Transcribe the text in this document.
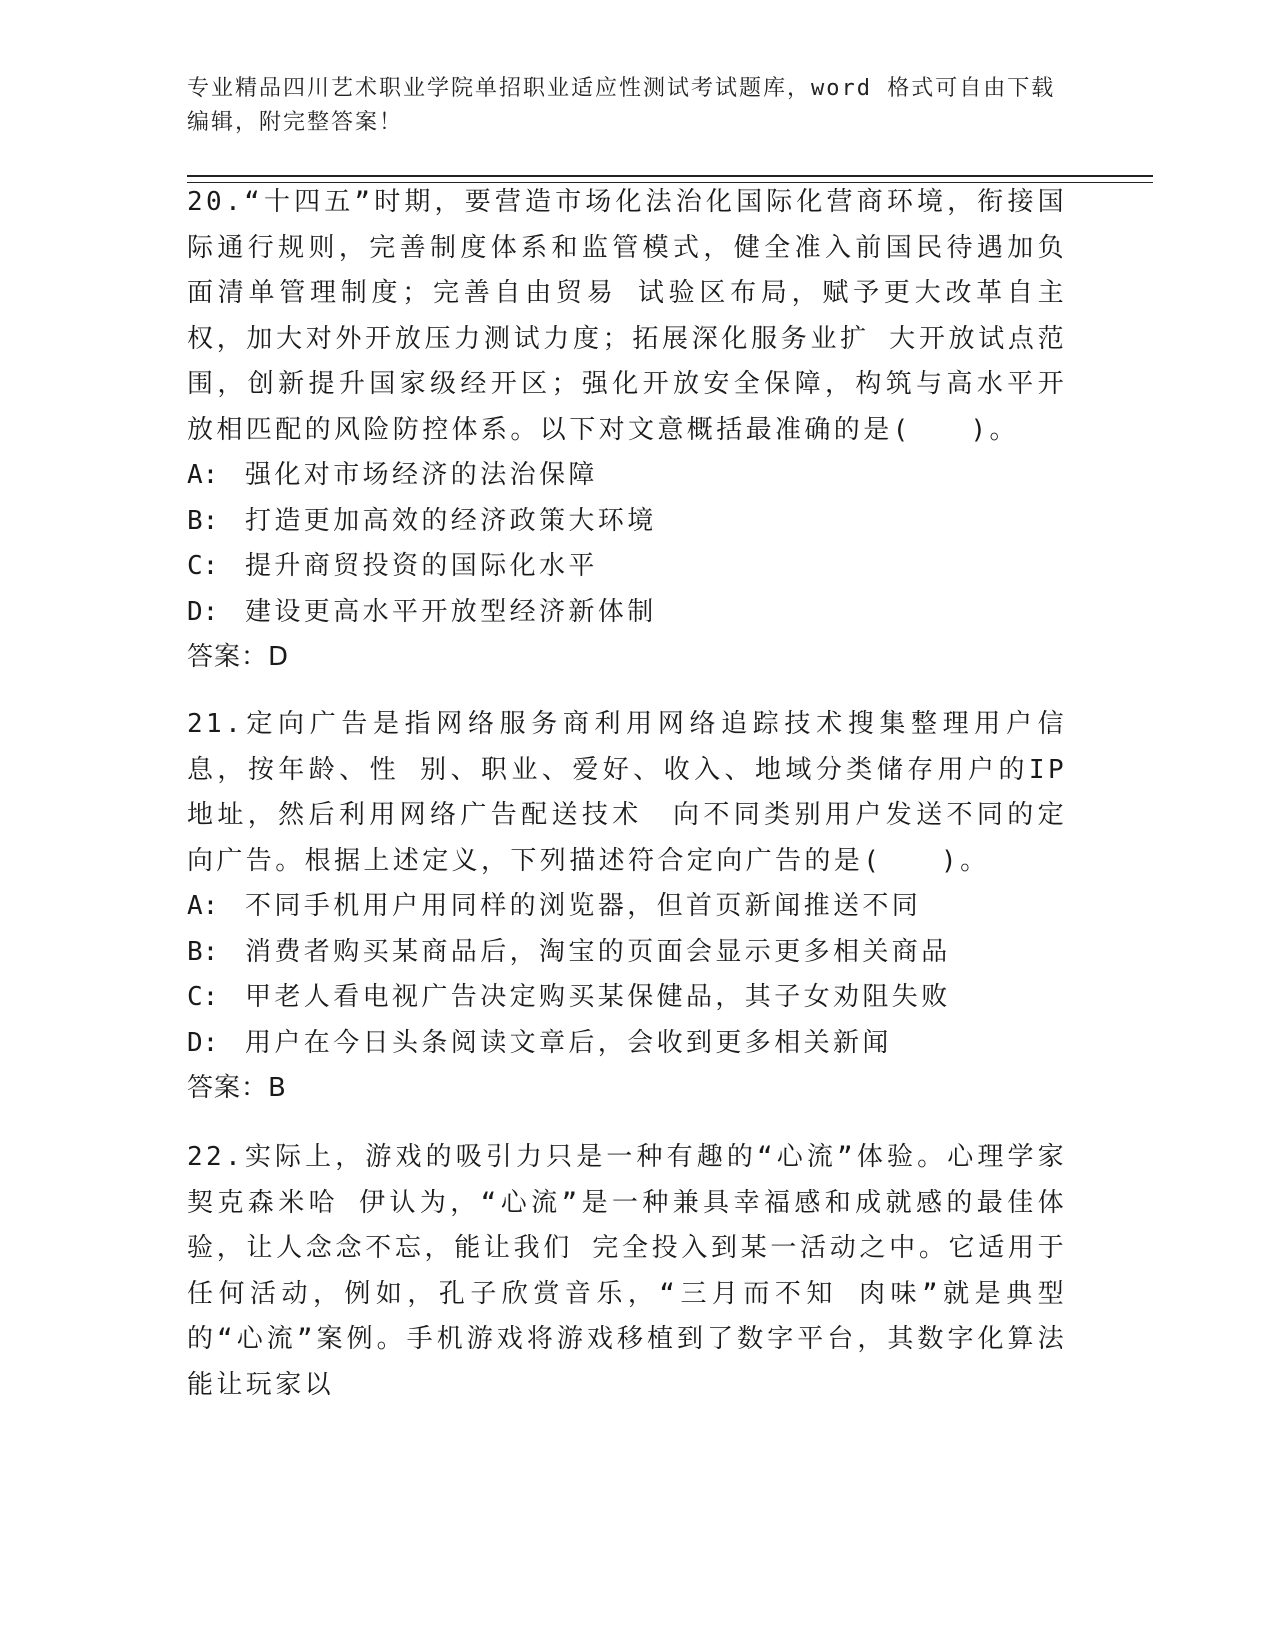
专业精品四川艺术职业学院单招职业适应性测试考试题库，word 格式可自由下载编辑，附完整答案！

20.“十四五”时期，要营造市场化法治化国际化营商环境，衔接国际通行规则，完善制度体系和监管模式，健全准入前国民待遇加负面清单管理制度；完善自由贸易 试验区布局，赋予更大改革自主权，加大对外开放压力测试力度；拓展深化服务业扩 大开放试点范围，创新提升国家级经开区；强化开放安全保障，构筑与高水平开放相匹配的风险防控体系。以下对文意概括最准确的是(　　)。

A: 强化对市场经济的法治保障

B: 打造更加高效的经济政策大环境

C: 提升商贸投资的国际化水平

D: 建设更高水平开放型经济新体制

答案：D

21.定向广告是指网络服务商利用网络追踪技术搜集整理用户信息，按年龄、性 别、职业、爱好、收入、地域分类储存用户的IP 地址，然后利用网络广告配送技术　向不同类别用户发送不同的定向广告。根据上述定义，下列描述符合定向广告的是(　　)。

A: 不同手机用户用同样的浏览器，但首页新闻推送不同

B: 消费者购买某商品后，淘宝的页面会显示更多相关商品

C: 甲老人看电视广告决定购买某保健品，其子女劝阻失败

D: 用户在今日头条阅读文章后，会收到更多相关新闻

答案：B

22.实际上，游戏的吸引力只是一种有趣的“心流”体验。心理学家契克森米哈 伊认为，“心流”是一种兼具幸福感和成就感的最佳体验，让人念念不忘，能让我们 完全投入到某一活动之中。它适用于任何活动，例如，孔子欣赏音乐，“三月而不知 肉味”就是典型的“心流”案例。手机游戏将游戏移植到了数字平台，其数字化算法 能让玩家以
